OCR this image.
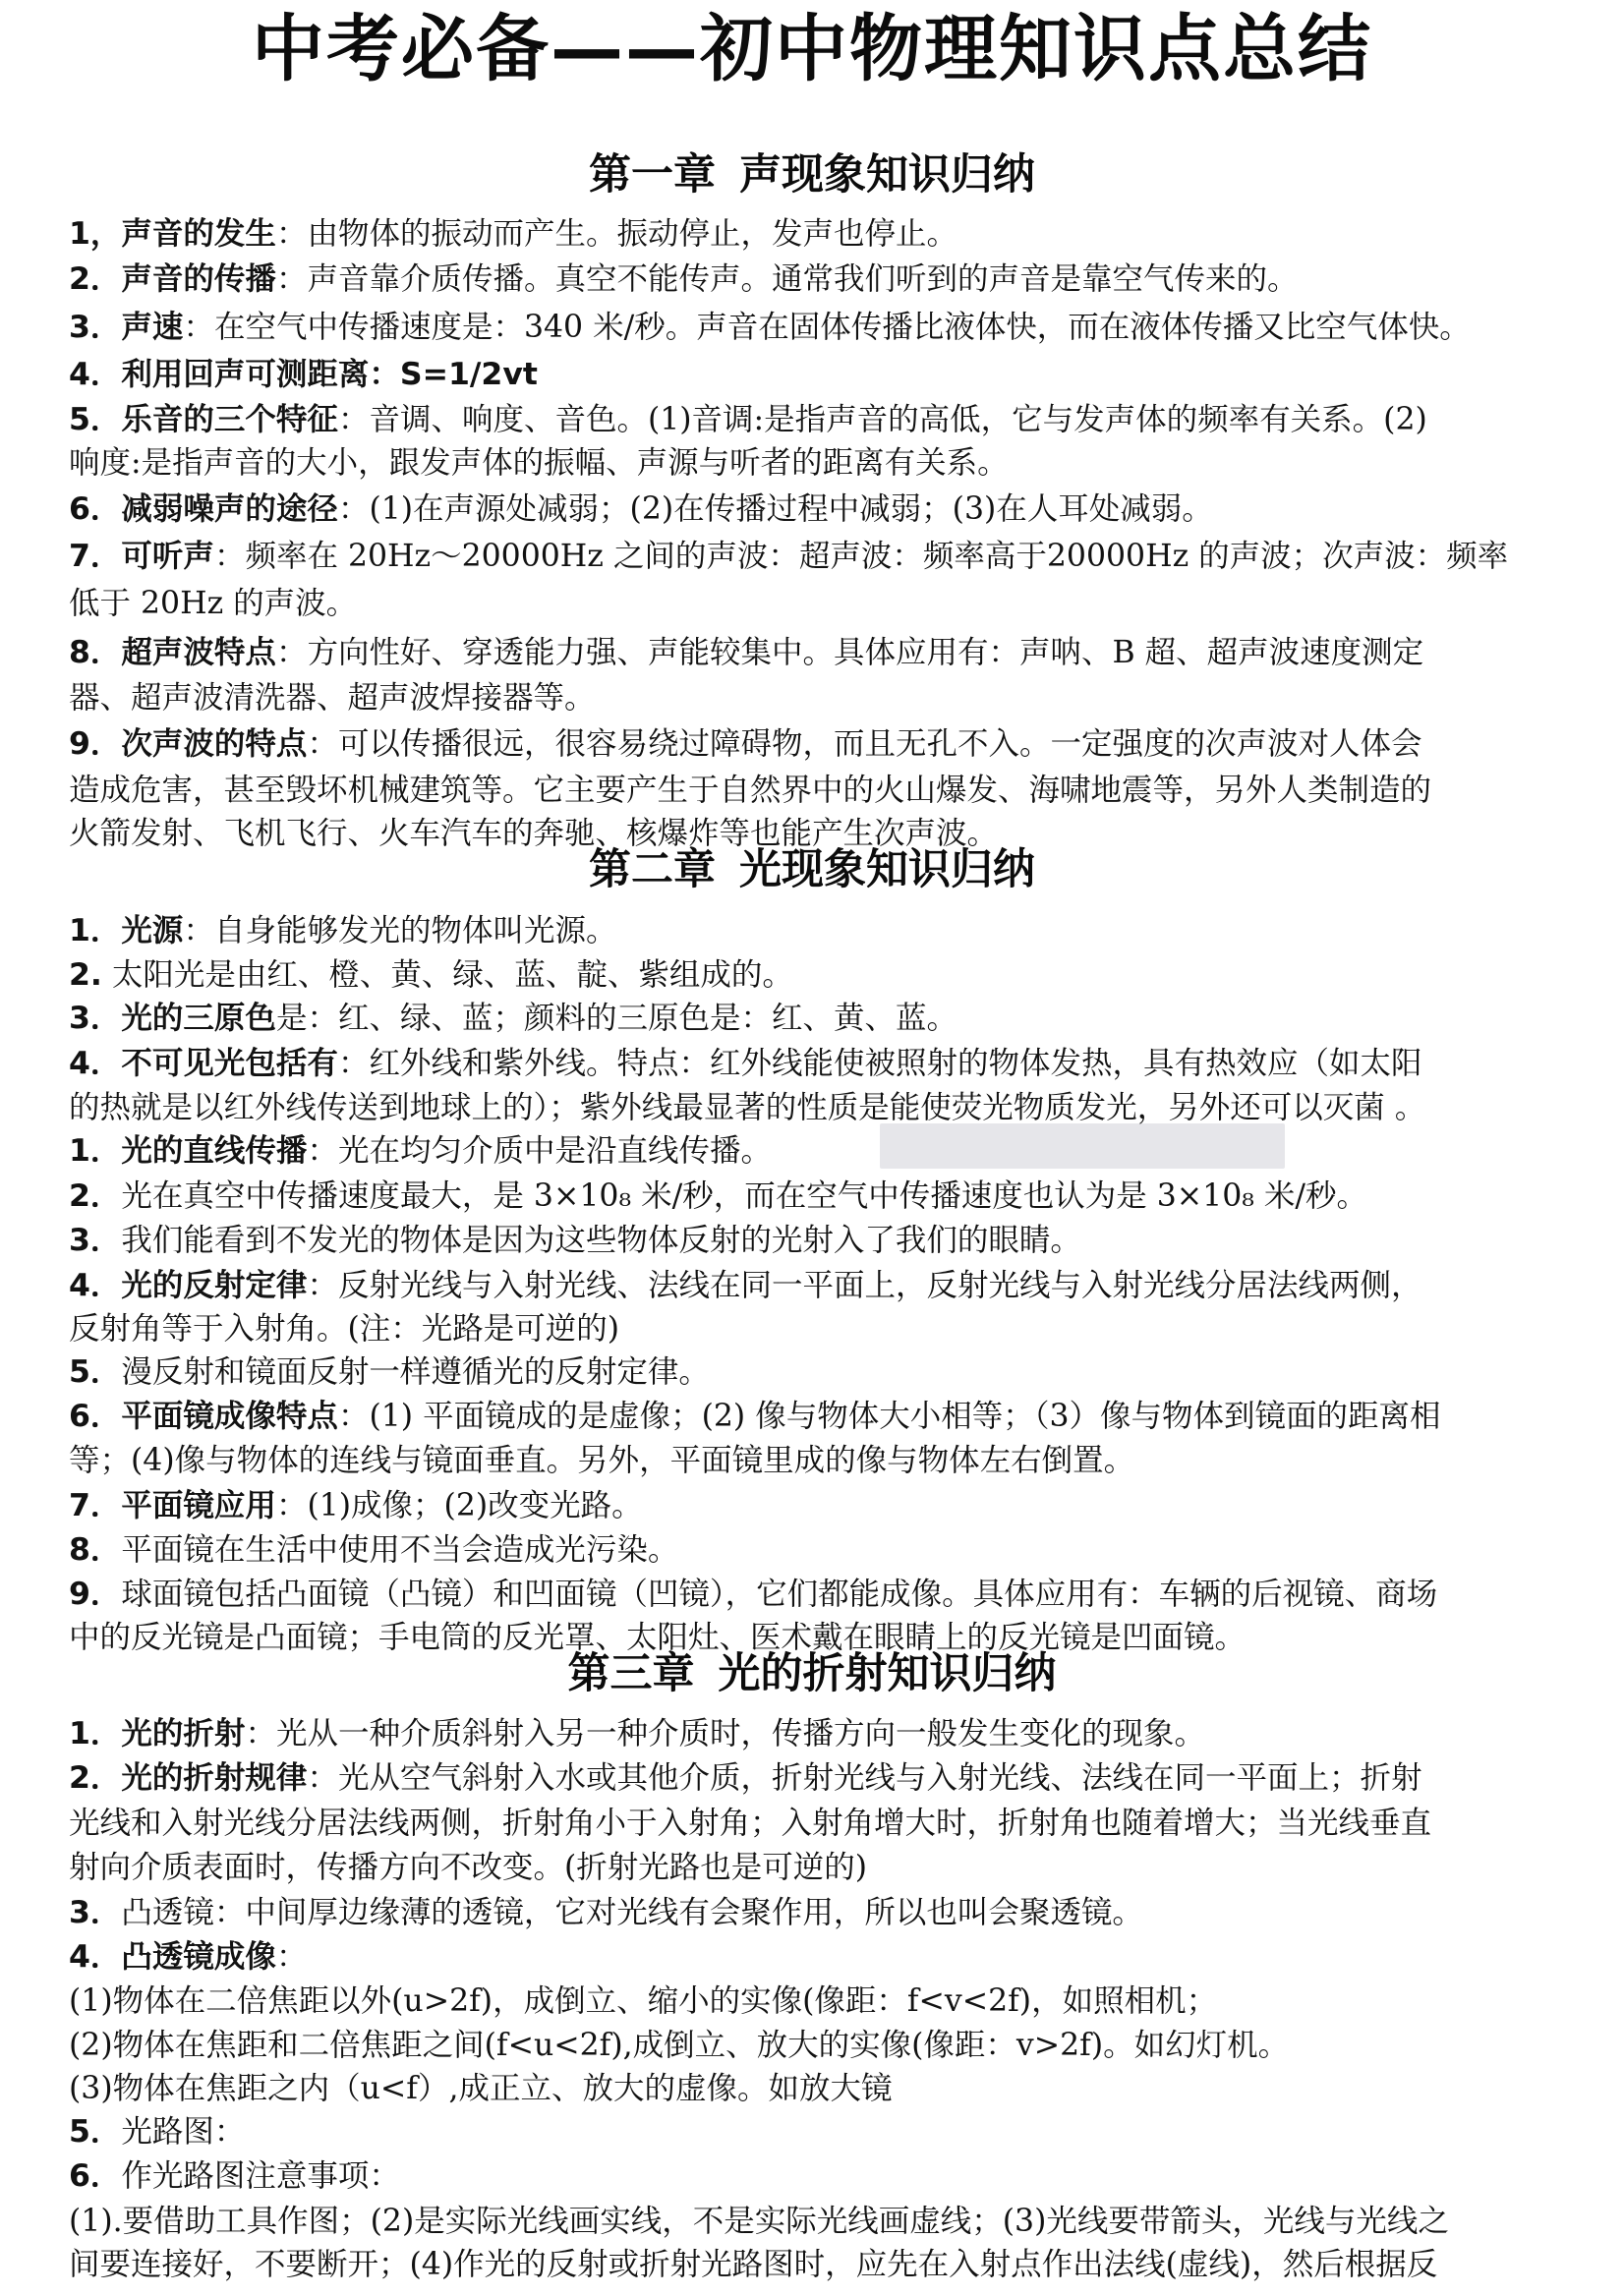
中考必备——初中物理知识点总结
第一章 声现象知识归纳
第二章 光现象知识归纳
第三章 光的折射知识归纳
1，声音的发生：由物体的振动而产生。振动停止，发声也停止。
2．声音的传播：声音靠介质传播。真空不能传声。通常我们听到的声音是靠空气传来的。
3．声速：在空气中传播速度是：340 米/秒。声音在固体传播比液体快，而在液体传播又比空气体快。
4．利用回声可测距离：S=1/2vt
5．乐音的三个特征：音调、响度、音色。(1)音调:是指声音的高低，它与发声体的频率有关系。(2)
响度:是指声音的大小，跟发声体的振幅、声源与听者的距离有关系。
6．减弱噪声的途径：(1)在声源处减弱；(2)在传播过程中减弱；(3)在人耳处减弱。
7．可听声：频率在 20Hz～20000Hz 之间的声波：超声波：频率高于20000Hz 的声波；次声波：频率
低于 20Hz 的声波。
8．超声波特点：方向性好、穿透能力强、声能较集中。具体应用有：声呐、B 超、超声波速度测定
器、超声波清洗器、超声波焊接器等。
9．次声波的特点：可以传播很远，很容易绕过障碍物，而且无孔不入。一定强度的次声波对人体会
造成危害，甚至毁坏机械建筑等。它主要产生于自然界中的火山爆发、海啸地震等，另外人类制造的
火箭发射、飞机飞行、火车汽车的奔驰、核爆炸等也能产生次声波。
1．光源：自身能够发光的物体叫光源。
2. 太阳光是由红、橙、黄、绿、蓝、靛、紫组成的。
3．光的三原色是：红、绿、蓝；颜料的三原色是：红、黄、蓝。
4．不可见光包括有：红外线和紫外线。特点：红外线能使被照射的物体发热，具有热效应（如太阳
的热就是以红外线传送到地球上的）；紫外线最显著的性质是能使荧光物质发光，另外还可以灭菌 。
1．光的直线传播：光在均匀介质中是沿直线传播。
2．光在真空中传播速度最大，是 3×10₈ 米/秒，而在空气中传播速度也认为是 3×10₈ 米/秒。
3．我们能看到不发光的物体是因为这些物体反射的光射入了我们的眼睛。
4．光的反射定律：反射光线与入射光线、法线在同一平面上，反射光线与入射光线分居法线两侧，
反射角等于入射角。(注：光路是可逆的)
5．漫反射和镜面反射一样遵循光的反射定律。
6．平面镜成像特点：(1) 平面镜成的是虚像；(2) 像与物体大小相等；（3）像与物体到镜面的距离相
等；(4)像与物体的连线与镜面垂直。另外，平面镜里成的像与物体左右倒置。
7．平面镜应用：(1)成像；(2)改变光路。
8．平面镜在生活中使用不当会造成光污染。
9．球面镜包括凸面镜（凸镜）和凹面镜（凹镜），它们都能成像。具体应用有：车辆的后视镜、商场
中的反光镜是凸面镜；手电筒的反光罩、太阳灶、医术戴在眼睛上的反光镜是凹面镜。
1．光的折射：光从一种介质斜射入另一种介质时，传播方向一般发生变化的现象。
2．光的折射规律：光从空气斜射入水或其他介质，折射光线与入射光线、法线在同一平面上；折射
光线和入射光线分居法线两侧，折射角小于入射角；入射角增大时，折射角也随着增大；当光线垂直
射向介质表面时，传播方向不改变。(折射光路也是可逆的)
3．凸透镜：中间厚边缘薄的透镜，它对光线有会聚作用，所以也叫会聚透镜。
4．凸透镜成像：
(1)物体在二倍焦距以外(u>2f)，成倒立、缩小的实像(像距：f<v<2f)，如照相机；
(2)物体在焦距和二倍焦距之间(f<u<2f),成倒立、放大的实像(像距：v>2f)。如幻灯机。
(3)物体在焦距之内（u<f）,成正立、放大的虚像。如放大镜
5．光路图：
6．作光路图注意事项：
(1).要借助工具作图；(2)是实际光线画实线，不是实际光线画虚线；(3)光线要带箭头，光线与光线之
间要连接好，不要断开；(4)作光的反射或折射光路图时，应先在入射点作出法线(虚线)，然后根据反
